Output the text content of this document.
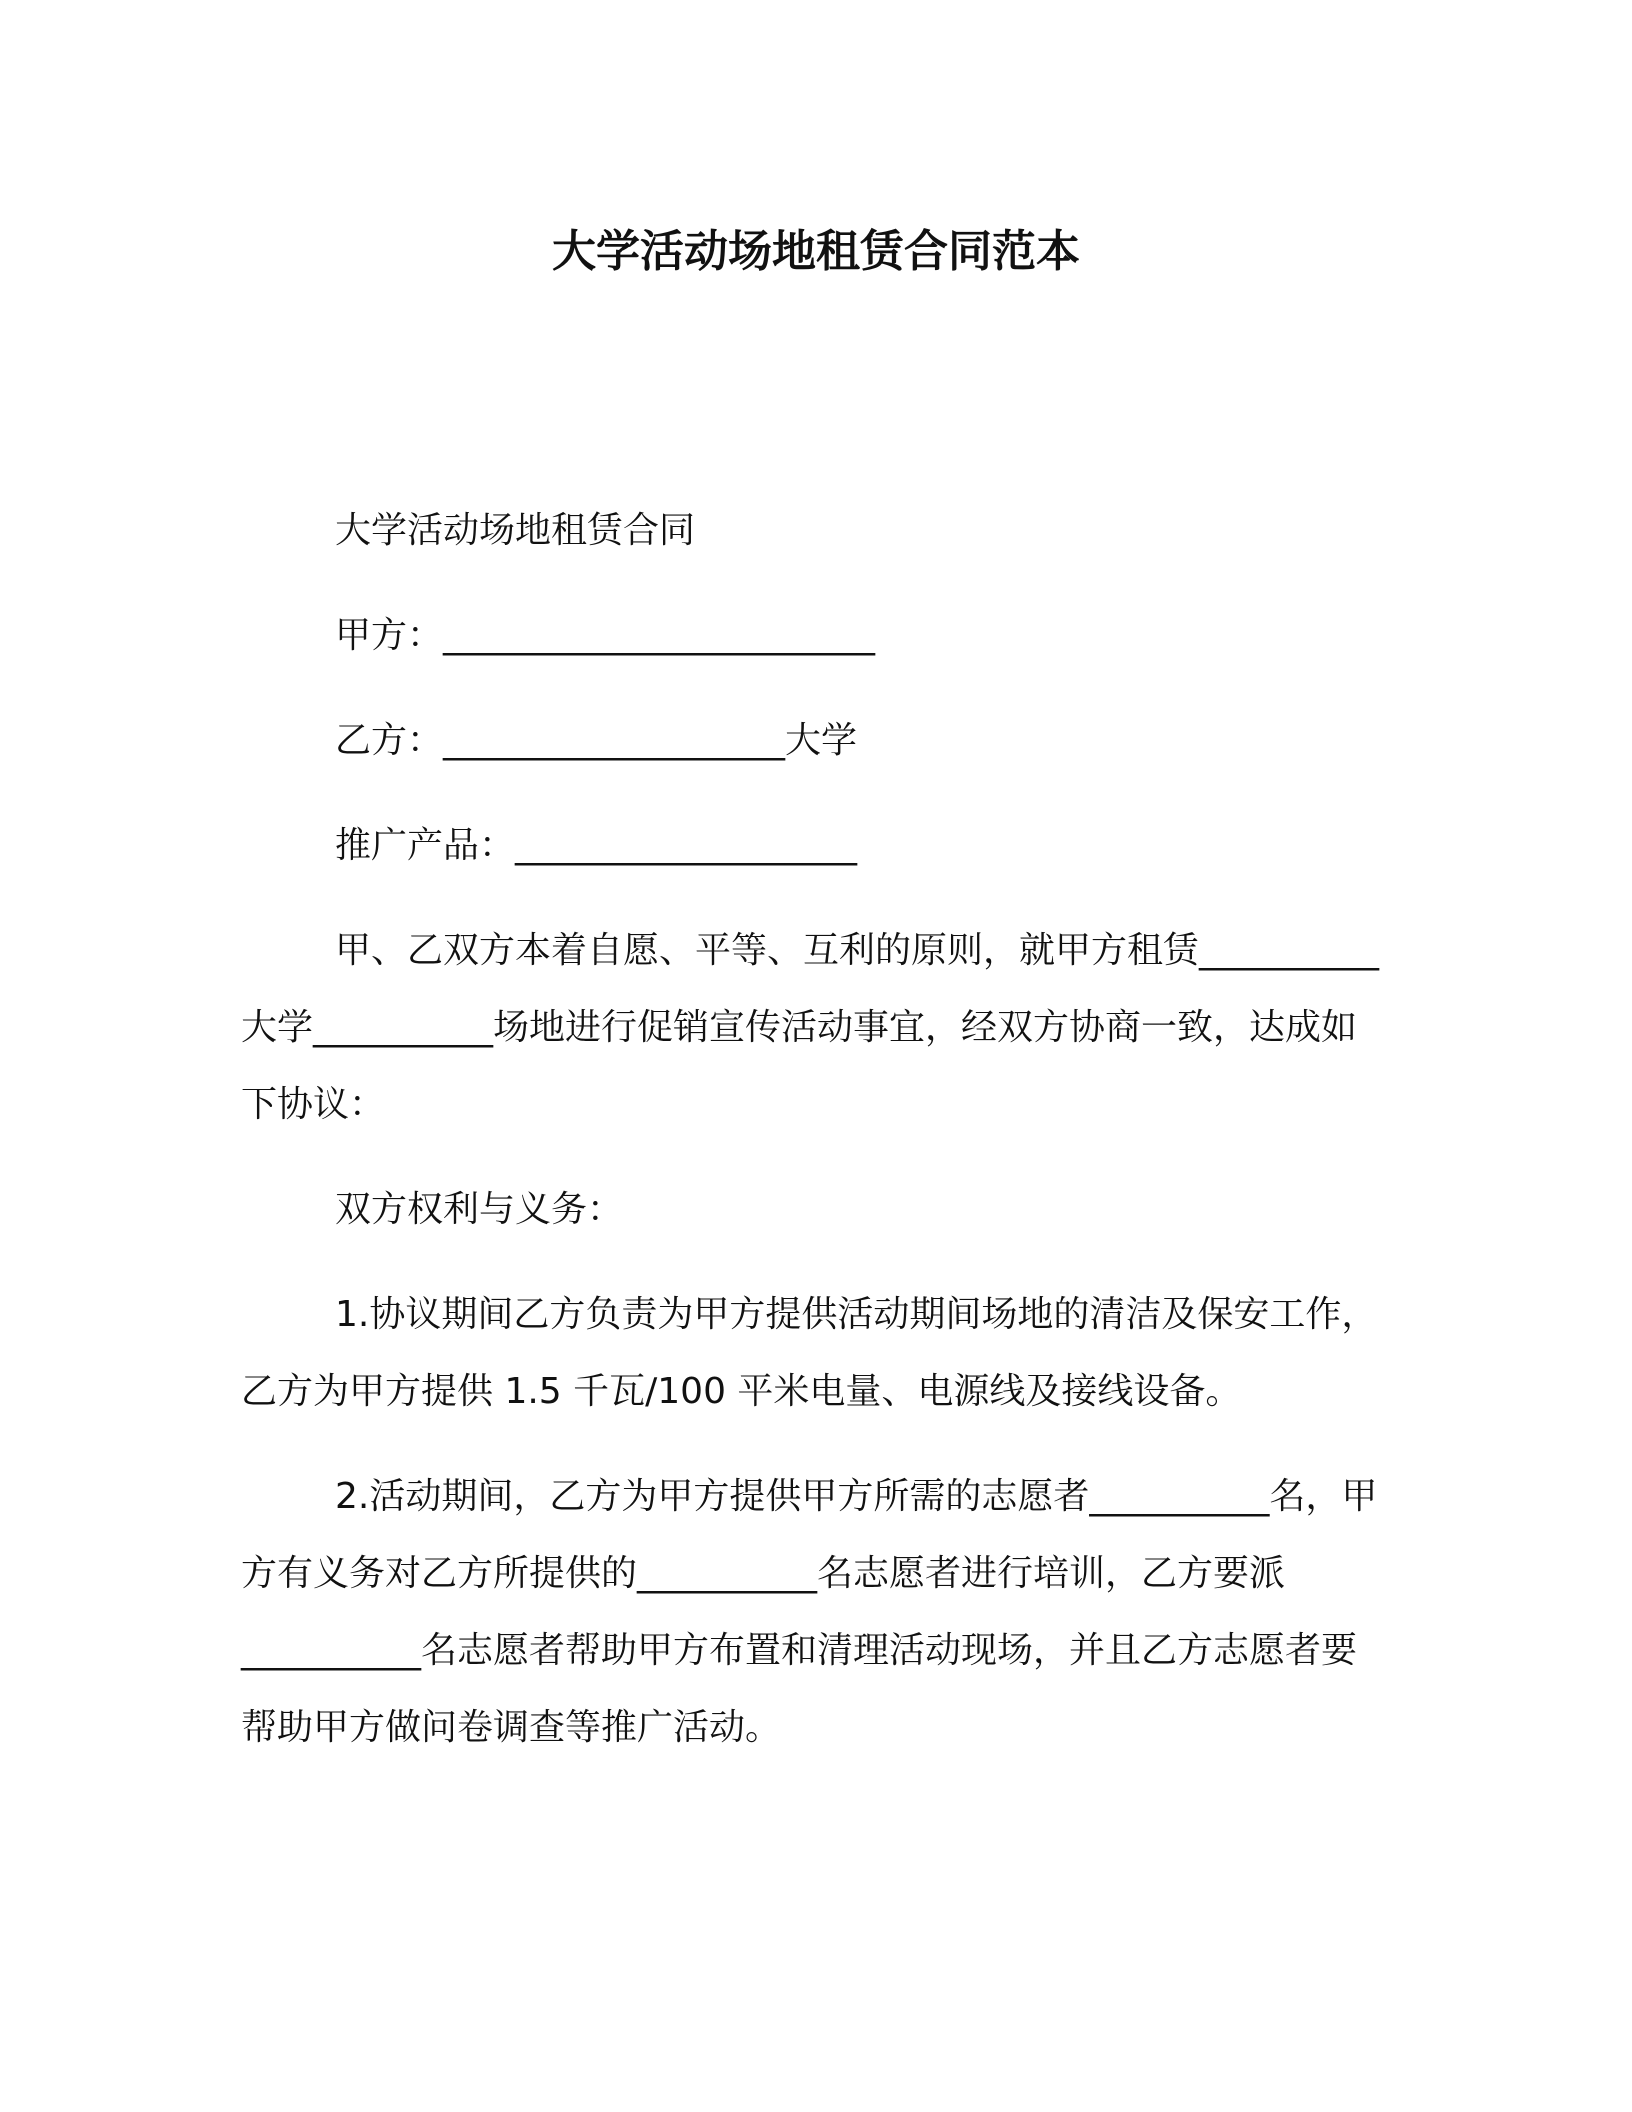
大学活动场地租赁合同范本

大学活动场地租赁合同

甲方：________________________

乙方：___________________大学

推广产品：___________________

甲、乙双方本着自愿、平等、互利的原则，就甲方租赁__________大学__________场地进行促销宣传活动事宜，经双方协商一致，达成如下协议：

双方权利与义务：

1.协议期间乙方负责为甲方提供活动期间场地的清洁及保安工作，乙方为甲方提供 1.5 千瓦/100 平米电量、电源线及接线设备。

2.活动期间，乙方为甲方提供甲方所需的志愿者__________名，甲方有义务对乙方所提供的__________名志愿者进行培训，乙方要派__________名志愿者帮助甲方布置和清理活动现场，并且乙方志愿者要帮助甲方做问卷调查等推广活动。
